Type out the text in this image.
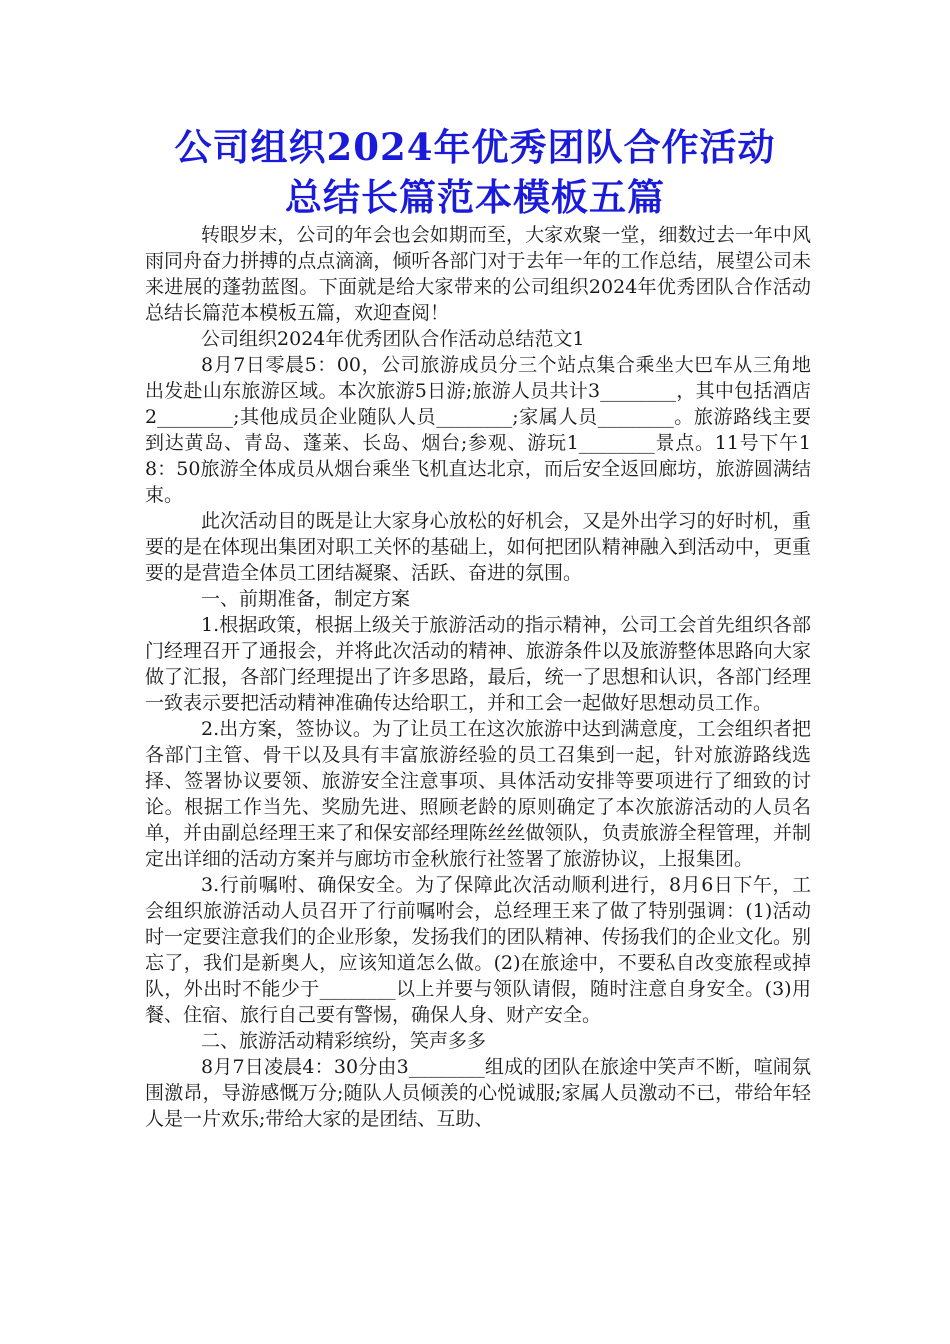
公司组织2024年优秀团队合作活动
总结长篇范本模板五篇

转眼岁末，公司的年会也会如期而至，大家欢聚一堂，细数过去一年中风雨同舟奋力拼搏的点点滴滴，倾听各部门对于去年一年的工作总结，展望公司未来进展的蓬勃蓝图。下面就是给大家带来的公司组织2024年优秀团队合作活动总结长篇范本模板五篇，欢迎查阅！

公司组织2024年优秀团队合作活动总结范文1

8月7日零晨5：00，公司旅游成员分三个站点集合乘坐大巴车从三角地出发赴山东旅游区域。本次旅游5日游;旅游人员共计3________，其中包括酒店2________;其他成员企业随队人员________;家属人员________。旅游路线主要到达黄岛、青岛、蓬莱、长岛、烟台;参观、游玩1________景点。11号下午18：50旅游全体成员从烟台乘坐飞机直达北京，而后安全返回廊坊，旅游圆满结束。

此次活动目的既是让大家身心放松的好机会，又是外出学习的好时机，重要的是在体现出集团对职工关怀的基础上，如何把团队精神融入到活动中，更重要的是营造全体员工团结凝聚、活跃、奋进的氛围。

一、前期准备，制定方案

1.根据政策，根据上级关于旅游活动的指示精神，公司工会首先组织各部门经理召开了通报会，并将此次活动的精神、旅游条件以及旅游整体思路向大家做了汇报，各部门经理提出了许多思路，最后，统一了思想和认识，各部门经理一致表示要把活动精神准确传达给职工，并和工会一起做好思想动员工作。

2.出方案，签协议。为了让员工在这次旅游中达到满意度，工会组织者把各部门主管、骨干以及具有丰富旅游经验的员工召集到一起，针对旅游路线选择、签署协议要领、旅游安全注意事项、具体活动安排等要项进行了细致的讨论。根据工作当先、奖励先进、照顾老龄的原则确定了本次旅游活动的人员名单，并由副总经理王来了和保安部经理陈丝丝做领队，负责旅游全程管理，并制定出详细的活动方案并与廊坊市金秋旅行社签署了旅游协议，上报集团。

3.行前嘱咐、确保安全。为了保障此次活动顺利进行，8月6日下午，工会组织旅游活动人员召开了行前嘱咐会，总经理王来了做了特别强调：(1)活动时一定要注意我们的企业形象，发扬我们的团队精神、传扬我们的企业文化。别忘了，我们是新奥人，应该知道怎么做。(2)在旅途中，不要私自改变旅程或掉队，外出时不能少于________以上并要与领队请假，随时注意自身安全。(3)用餐、住宿、旅行自己要有警惕，确保人身、财产安全。

二、旅游活动精彩缤纷，笑声多多

8月7日凌晨4：30分由3________组成的团队在旅途中笑声不断，喧闹氛围激昂，导游感慨万分;随队人员倾羡的心悦诚服;家属人员激动不已，带给年轻人是一片欢乐;带给大家的是团结、互助、
